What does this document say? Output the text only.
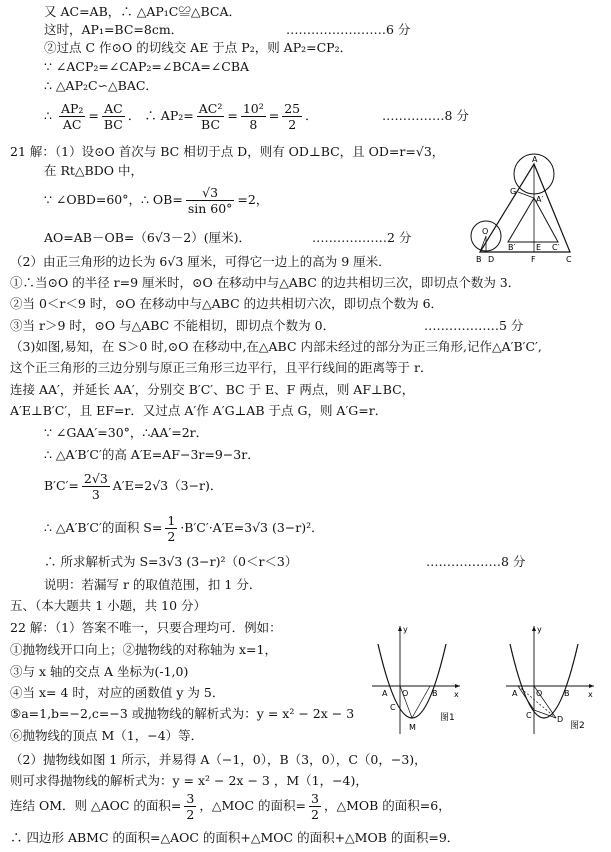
又 AC=AB，∴ △AP₁C≌△BCA．
这时，AP₁=BC=8cm．	……………………6 分
②过点 C 作⊙O 的切线交 AE 于点 P₂，则 AP₂=CP₂．
∵ ∠ACP₂=∠CAP₂=∠BCA=∠CBA
∴ △AP₂C∽△BAC．
∴ $\frac{\text{AP₂}}{AC} = \frac{AC}{BC}$ ． ∴ $AP_2= \frac{\text{AC²}}{BC} = \frac{\text{10²}}{8} = \frac{25}{2}$ ．	……………8 分
21 解：（1）设⊙O 首次与 BC 相切于点 D，则有 OD⊥BC，且 OD=r=√3，
在 Rt△BDO 中，
∵ ∠OBD=60°，∴ $OB= \frac{√3}{\sin 60^\circ} =2$，
AO=AB－OB=（6√3－2）(厘米)．	………………2 分
（2）由正三角形的边长为 6√3 厘米，可得它一边上的高为 9 厘米．
①∴当⊙O 的半径 r=9 厘米时，⊙O 在移动中与△ABC 的边共相切三次，即切点个数为 3．
②当 0＜r＜9 时，⊙O 在移动中与△ABC 的边共相切六次，即切点个数为 6．
③当 r＞9 时，⊙O 与△ABC 不能相切，即切点个数为 0．	………………5 分
（3)如图,易知，在 S＞0 时,⊙O 在移动中,在△ABC 内部未经过的部分为正三角形,记作△A′B′C′,
这个正三角形的三边分别与原正三角形三边平行，且平行线间的距离等于 r．
连接 AA′，并延长 AA′，分别交 B′C′、BC 于 E、F 两点，则 AF⊥BC，
A′E⊥B′C′，且 EF=r．又过点 A′作 A′G⊥AB 于点 G，则 A′G=r．
∵ ∠GAA′=30°，∴AA′=2r．
∴ △A′B′C′的高 A′E=AF−3r=9−3r．
$B'C'= \frac{2√3}{3} A'E=2√3(3-r)$．
∴ △A′B′C′的面积 $S= \frac{1}{2} \cdot B'C'\cdot A'E=3√3$ (3−r)²．
∴ 所求解析式为 S=3√3 (3−r)²（0＜r＜3）	………………8 分
说明：若漏写 r 的取值范围，扣 1 分．
五、（本大题共 1 小题，共 10 分）
22 解：（1）答案不唯一，只要合理均可．例如：
①抛物线开口向上；②抛物线的对称轴为 x=1，
③与 x 轴的交点 A 坐标为(-1,0)
④当 x= 4 时，对应的函数值 y 为 5．
⑤a=1,b=−2,c=−3 或抛物线的解析式为：y = x² − 2x − 3
⑥抛物线的顶点 M（1，−4）等．
（2）抛物线如图 1 所示，并易得 A（−1，0），B（3，0），C（0，−3)，
则可求得抛物线的解析式为：y = x² − 2x − 3 ，M（1，−4)，
连结 OM．则 △AOC 的面积= $\frac{3}{2}$ ，△MOC 的面积= $\frac{3}{2}$ ，△MOB 的面积=6，
∴ 四边形 ABMC 的面积=△AOC 的面积+△MOC 的面积+△MOB 的面积=9．
A
A′
G
O
B D
B′	E C′
F	C
y
x
A O	B
C
M
图1
y
x
A O	B
C	D
图2
